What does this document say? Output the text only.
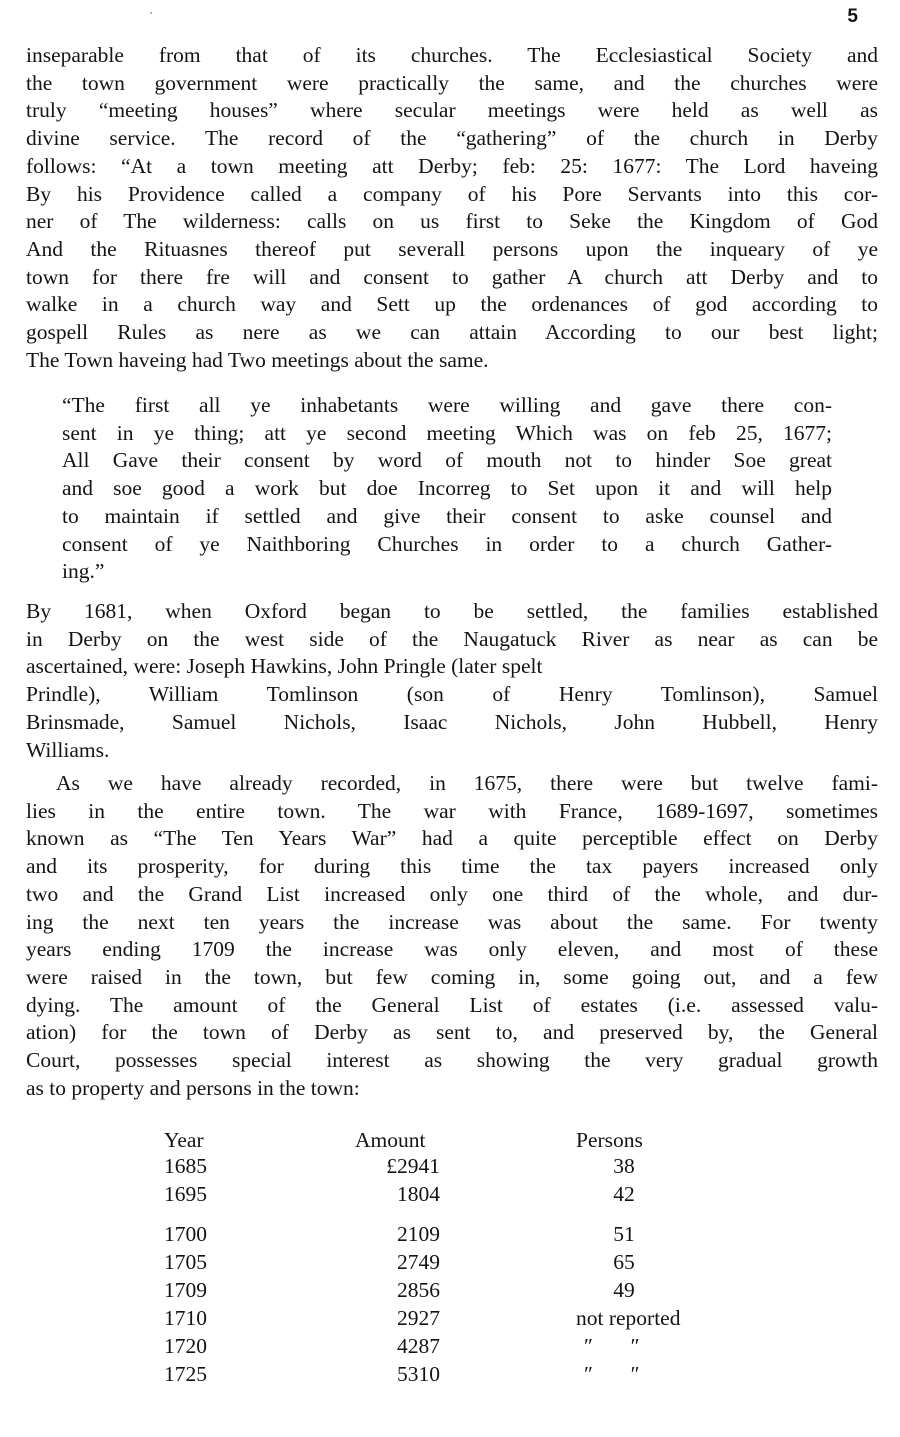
5
inseparable from that of its churches. The Ecclesiastical Society and
the town government were practically the same, and the churches were
truly “meeting houses” where secular meetings were held as well as
divine service. The record of the “gathering” of the church in Derby
follows: “At a town meeting att Derby; feb: 25: 1677: The Lord haveing
By his Providence called a company of his Pore Servants into this cor-
ner of The wilderness: calls on us first to Seke the Kingdom of God
And the Rituasnes thereof put severall persons upon the inqueary of ye
town for there fre will and consent to gather A church att Derby and to
walke in a church way and Sett up the ordenances of god according to
gospell Rules as nere as we can attain According to our best light;
The Town haveing had Two meetings about the same.
“The first all ye inhabetants were willing and gave there con-
sent in ye thing; att ye second meeting Which was on feb 25, 1677;
All Gave their consent by word of mouth not to hinder Soe great
and soe good a work but doe Incorreg to Set upon it and will help
to maintain if settled and give their consent to aske counsel and
consent of ye Naithboring Churches in order to a church Gather-
ing.”
By 1681, when Oxford began to be settled, the families established
in Derby on the west side of the Naugatuck River as near as can be
ascertained, were: Joseph Hawkins, John Pringle (later spelt
Prindle), William Tomlinson (son of Henry Tomlinson), Samuel
Brinsmade, Samuel Nichols, Isaac Nichols, John Hubbell, Henry
Williams.
As we have already recorded, in 1675, there were but twelve fami-
lies in the entire town. The war with France, 1689-1697, sometimes
known as “The Ten Years War” had a quite perceptible effect on Derby
and its prosperity, for during this time the tax payers increased only
two and the Grand List increased only one third of the whole, and dur-
ing the next ten years the increase was about the same. For twenty
years ending 1709 the increase was only eleven, and most of these
were raised in the town, but few coming in, some going out, and a few
dying. The amount of the General List of estates (i.e. assessed valu-
ation) for the town of Derby as sent to, and preserved by, the General
Court, possesses special interest as showing the very gradual growth
as to property and persons in the town:
Year	Amount	Persons
1685	£2941	38
1695	1804	42
1700	2109	51
1705	2749	65
1709	2856	49
1710	2927	not reported
1720	4287	″       ″
1725	5310	″       ″
